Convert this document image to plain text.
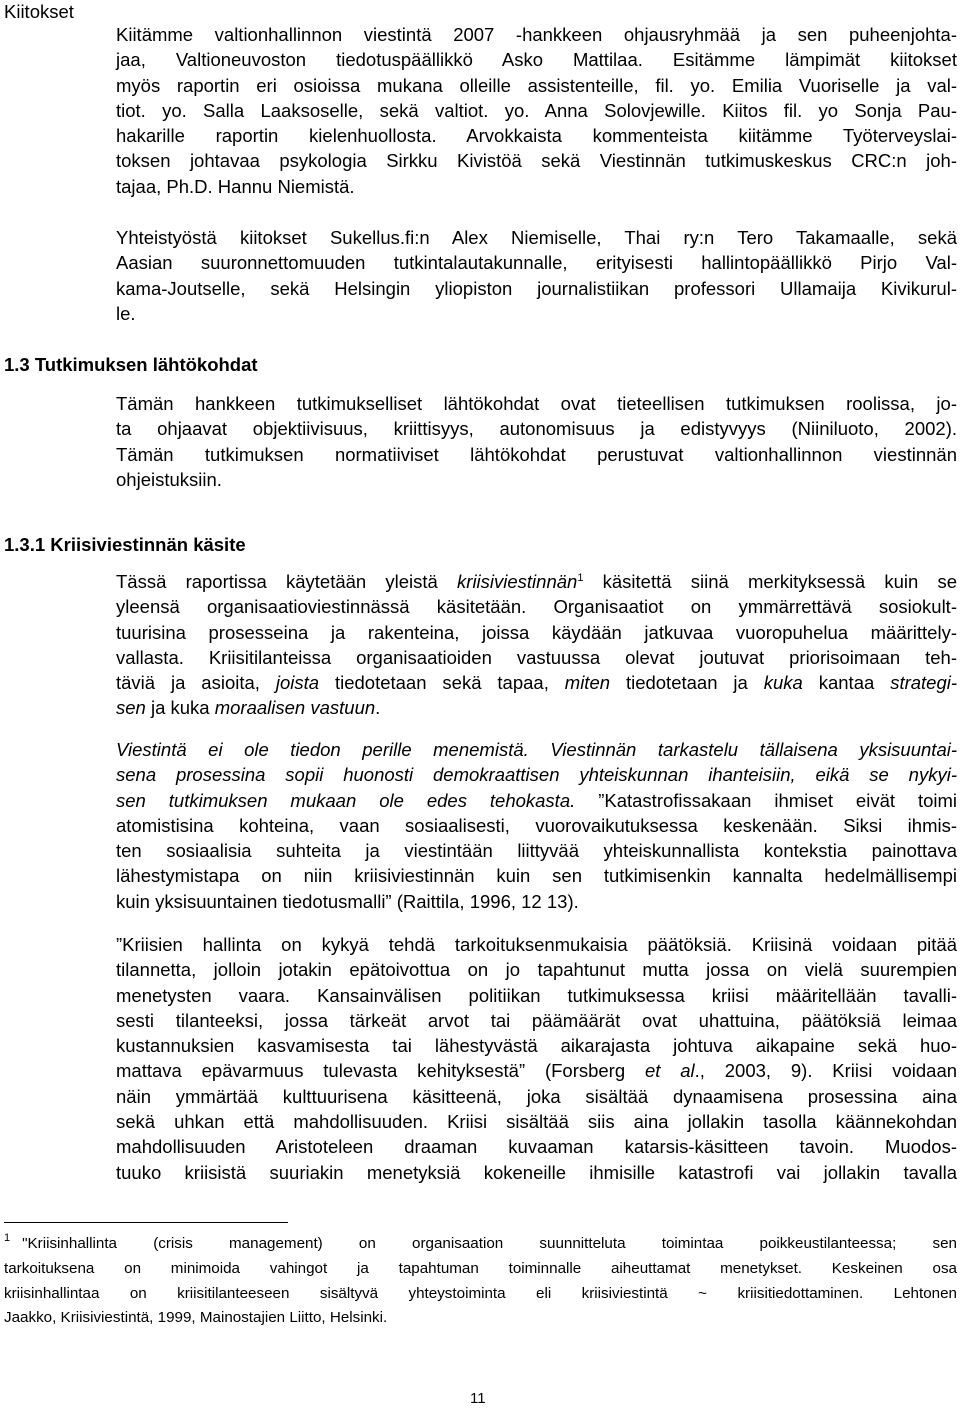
Kiitokset
Kiitämme valtionhallinnon viestintä 2007 -hankkeen ohjausryhmää ja sen puheenjohta-
jaa, Valtioneuvoston tiedotuspäällikkö Asko Mattilaa. Esitämme lämpimät kiitokset
myös raportin eri osioissa mukana olleille assistenteille, fil. yo. Emilia Vuoriselle ja val-
tiot. yo. Salla Laaksoselle, sekä valtiot. yo. Anna Solovjewille. Kiitos fil. yo Sonja Pau-
hakarille raportin kielenhuollosta. Arvokkaista kommenteista kiitämme Työterveyslai-
toksen johtavaa psykologia Sirkku Kivistöä sekä Viestinnän tutkimuskeskus CRC:n joh-
tajaa, Ph.D. Hannu Niemistä.
Yhteistyöstä kiitokset Sukellus.fi:n Alex Niemiselle, Thai ry:n Tero Takamaalle, sekä
Aasian suuronnettomuuden tutkintalautakunnalle, erityisesti hallintopäällikkö Pirjo Val-
kama-Joutselle, sekä Helsingin yliopiston journalistiikan professori Ullamaija Kivikurul-
le.
1.3 Tutkimuksen lähtökohdat
Tämän hankkeen tutkimukselliset lähtökohdat ovat tieteellisen tutkimuksen roolissa, jo-
ta ohjaavat objektiivisuus, kriittisyys, autonomisuus ja edistyvyys (Niiniluoto, 2002).
Tämän tutkimuksen normatiiviset lähtökohdat perustuvat valtionhallinnon viestinnän
ohjeistuksiin.
1.3.1 Kriisiviestinnän käsite
Tässä raportissa käytetään yleistä kriisiviestinnän$^1$ käsitettä siinä merkityksessä kuin se
yleensä organisaatioviestinnässä käsitetään. Organisaatiot on ymmärrettävä sosiokult-
tuurisina prosesseina ja rakenteina, joissa käydään jatkuvaa vuoropuhelua määrittely-
vallasta. Kriisitilanteissa organisaatioiden vastuussa olevat joutuvat priorisoimaan teh-
täviä ja asioita, joista tiedotetaan sekä tapaa, miten tiedotetaan ja kuka kantaa strategi-
sen ja kuka moraalisen vastuun.
Viestintä ei ole tiedon perille menemistä. Viestinnän tarkastelu tällaisena yksisuuntai-
sena prosessina sopii huonosti demokraattisen yhteiskunnan ihanteisiin, eikä se nykyi-
sen tutkimuksen mukaan ole edes tehokasta. ”Katastrofissakaan ihmiset eivät toimi
atomistisina kohteina, vaan sosiaalisesti, vuorovaikutuksessa keskenään. Siksi ihmis-
ten sosiaalisia suhteita ja viestintään liittyvää yhteiskunnallista kontekstia painottava
lähestymistapa on niin kriisiviestinnän kuin sen tutkimisenkin kannalta hedelmällisempi
kuin yksisuuntainen tiedotusmalli” (Raittila, 1996, 12 13).
”Kriisien hallinta on kykyä tehdä tarkoituksenmukaisia päätöksiä. Kriisinä voidaan pitää
tilannetta, jolloin jotakin epätoivottua on jo tapahtunut mutta jossa on vielä suurempien
menetysten vaara. Kansainvälisen politiikan tutkimuksessa kriisi määritellään tavalli-
sesti tilanteeksi, jossa tärkeät arvot tai päämäärät ovat uhattuina, päätöksiä leimaa
kustannuksien kasvamisesta tai lähestyvästä aikarajasta johtuva aikapaine sekä huo-
mattava epävarmuus tulevasta kehityksestä” (Forsberg et al., 2003, 9). Kriisi voidaan
näin ymmärtää kulttuurisena käsitteenä, joka sisältää dynaamisena prosessina aina
sekä uhkan että mahdollisuuden. Kriisi sisältää siis aina jollakin tasolla käännekohdan
mahdollisuuden Aristoteleen draaman kuvaaman katarsis-käsitteen tavoin. Muodos-
tuuko kriisistä suuriakin menetyksiä kokeneille ihmisille katastrofi vai jollakin tavalla
$^1$ "Kriisinhallinta (crisis management) on organisaation suunnitteluta toimintaa poikkeustilanteessa; sen
tarkoituksena on minimoida vahingot ja tapahtuman toiminnalle aiheuttamat menetykset. Keskeinen osa
kriisinhallintaa on kriisitilanteeseen sisältyvä yhteystoiminta eli kriisiviestintä ~ kriisitiedottaminen. Lehtonen
Jaakko, Kriisiviestintä, 1999, Mainostajien Liitto, Helsinki.
11
